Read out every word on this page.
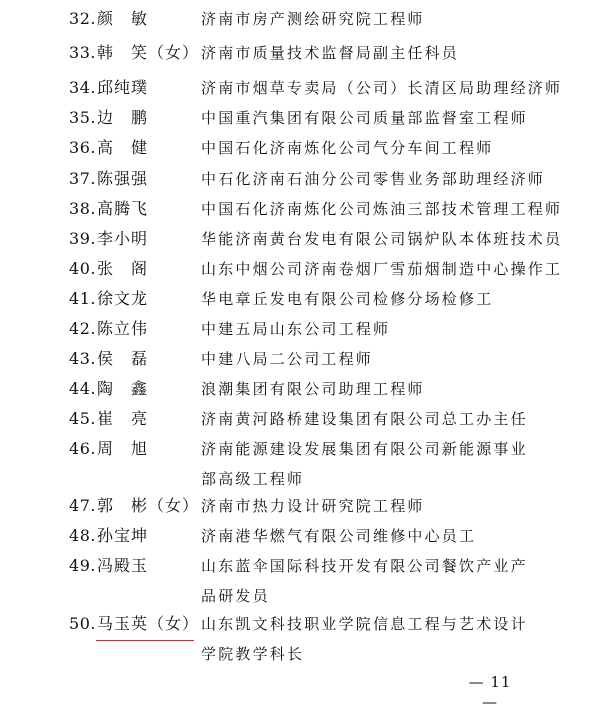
32. 颜　敏	济南市房产测绘研究院工程师
33. 韩　笑（女） 济南市质量技术监督局副主任科员
34. 邱纯璞	济南市烟草专卖局（公司）长清区局助理经济师
35. 边　鹏	中国重汽集团有限公司质量部监督室工程师
36. 高　健	中国石化济南炼化公司气分车间工程师
37. 陈强强	中石化济南石油分公司零售业务部助理经济师
38. 高腾飞	中国石化济南炼化公司炼油三部技术管理工程师
39. 李小明	华能济南黄台发电有限公司锅炉队本体班技术员
40. 张　阁	山东中烟公司济南卷烟厂雪茄烟制造中心操作工
41. 徐文龙	华电章丘发电有限公司检修分场检修工
42. 陈立伟	中建五局山东公司工程师
43. 侯　磊	中建八局二公司工程师
44. 陶　鑫	浪潮集团有限公司助理工程师
45. 崔　亮	济南黄河路桥建设集团有限公司总工办主任
46. 周　旭	济南能源建设发展集团有限公司新能源事业
部高级工程师
47. 郭　彬（女） 济南市热力设计研究院工程师
48. 孙宝坤	济南港华燃气有限公司维修中心员工
49. 冯殿玉	山东蓝伞国际科技开发有限公司餐饮产业产
品研发员
50. 马玉英（女） 山东凯文科技职业学院信息工程与艺术设计
学院教学科长
— 11 —
